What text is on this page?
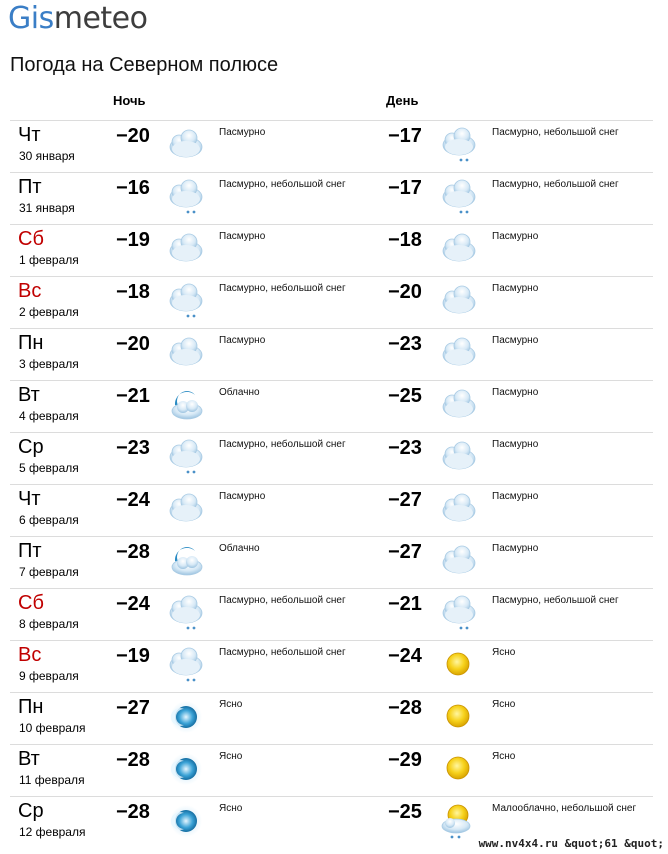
Gismeteo
Погода на Северном полюсе
Ночь	День
Чт
30 января
−20	Пасмурно	−17	Пасмурно, небольшой снег
Пт
31 января
−16	Пасмурно, небольшой снег −17	Пасмурно, небольшой снег
Сб
1 февраля
−19	Пасмурно	−18	Пасмурно
Вс
2 февраля
−18	Пасмурно, небольшой снег −20	Пасмурно
Пн
3 февраля
−20	Пасмурно	−23	Пасмурно
Вт
4 февраля
−21	Облачно	−25	Пасмурно
Ср
5 февраля
−23	Пасмурно, небольшой снег −23	Пасмурно
Чт
6 февраля
−24	Пасмурно	−27	Пасмурно
Пт
7 февраля
−28	Облачно	−27	Пасмурно
Сб
8 февраля
−24	Пасмурно, небольшой снег −21	Пасмурно, небольшой снег
Вс
9 февраля
−19	Пасмурно, небольшой снег −24	Ясно
Пн
10 февраля
−27	Ясно	−28	Ясно
Вт
11 февраля
−28	Ясно	−29	Ясно
Ср
12 февраля
−28	Ясно	−25	Малооблачно, небольшой снег
www.nv4x4.ru &quot;61 &quot;
